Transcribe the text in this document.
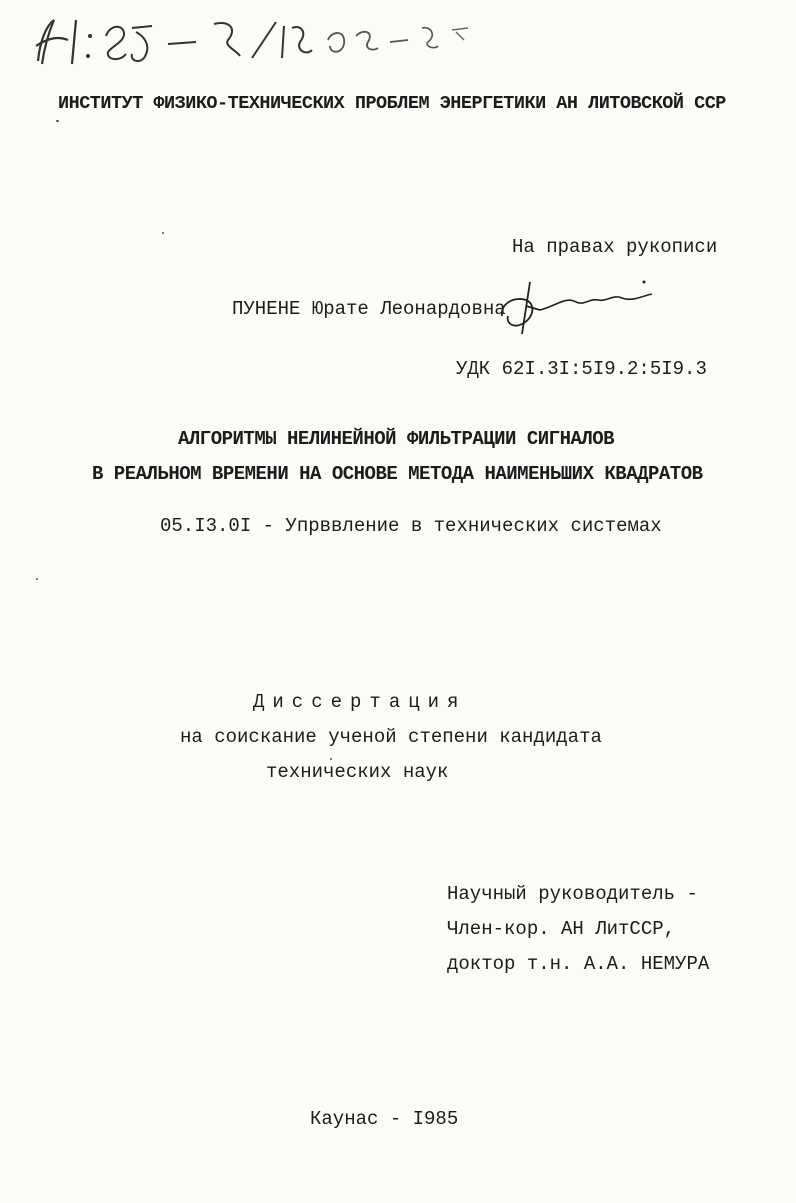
ИНСТИТУТ ФИЗИКО-ТЕХНИЧЕСКИХ ПРОБЛЕМ ЭНЕРГЕТИКИ АН ЛИТОВСКОЙ ССР
На правах рукописи
ПУНЕНЕ Юрате Леонардовна
УДК 62I.3I:5I9.2:5I9.3
АЛГОРИТМЫ НЕЛИНЕЙНОЙ ФИЛЬТРАЦИИ СИГНАЛОВ
В РЕАЛЬНОМ ВРЕМЕНИ НА ОСНОВЕ МЕТОДА НАИМЕНЬШИХ КВАДРАТОВ
05.I3.0I - Упрввление в технических системах
Диссертация
на соискание ученой степени кандидата
технических наук
Научный руководитель -
Член-кор. АН ЛитССР,
доктор т.н. А.А. НЕМУРА
Каунас - I985
